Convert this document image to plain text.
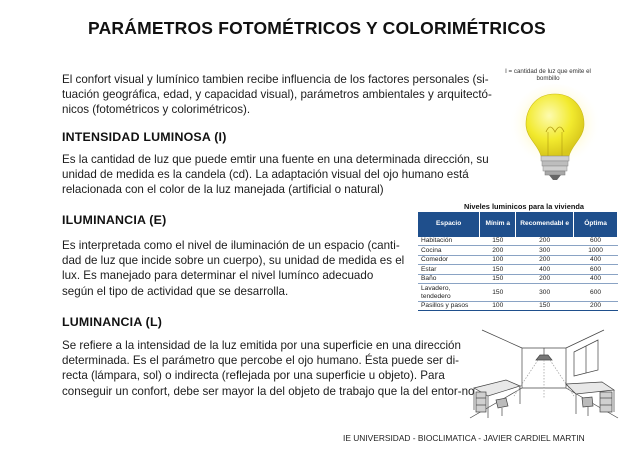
PARÁMETROS FOTOMÉTRICOS Y COLORIMÉTRICOS
El confort visual y lumínico tambien recibe influencia de los factores personales (si-tuación geográfica, edad, y capacidad visual), parámetros ambientales y arquitectó-nicos (fotométricos y colorimétricos).
INTENSIDAD LUMINOSA (I)
Es la cantidad de luz que puede emtir una fuente en una determinada dirección, su unidad de medida es la candela (cd). La adaptación visual del ojo humano está relacionada con el color de la luz manejada (artificial o natural)
ILUMINANCIA (E)
Es interpretada como el nivel de iluminación de un espacio (canti-dad de luz que incide sobre un cuerpo), su unidad de medida es el lux. Es manejado para determinar el nivel lumínco adecuado según el tipo de actividad que se desarrolla.
LUMINANCIA (L)
Se refiere a la intensidad de la luz emitida por una superficie en una dirección determinada. Es el parámetro que percobe el ojo humano. Ésta puede ser di-recta (lámpara, sol) o indirecta (reflejada por una superficie u objeto). Para conseguir un confort, debe ser mayor la del objeto de trabajo que la del entor-no
I = cantidad de luz que emite el bombillo
Niveles luminicos para la vivienda
Espacio	Mínim a	Recomendabl e	Óptima
Habitación	150	200	600
Cocina	200	300	1000
Comedor	100	200	400
Estar	150	400	600
Baño	150	200	400
Lavadero, tendedero	150	300	600
Pasillos y pasos	100	150	200
IE UNIVERSIDAD - BIOCLIMATICA - JAVIER CARDIEL MARTIN
